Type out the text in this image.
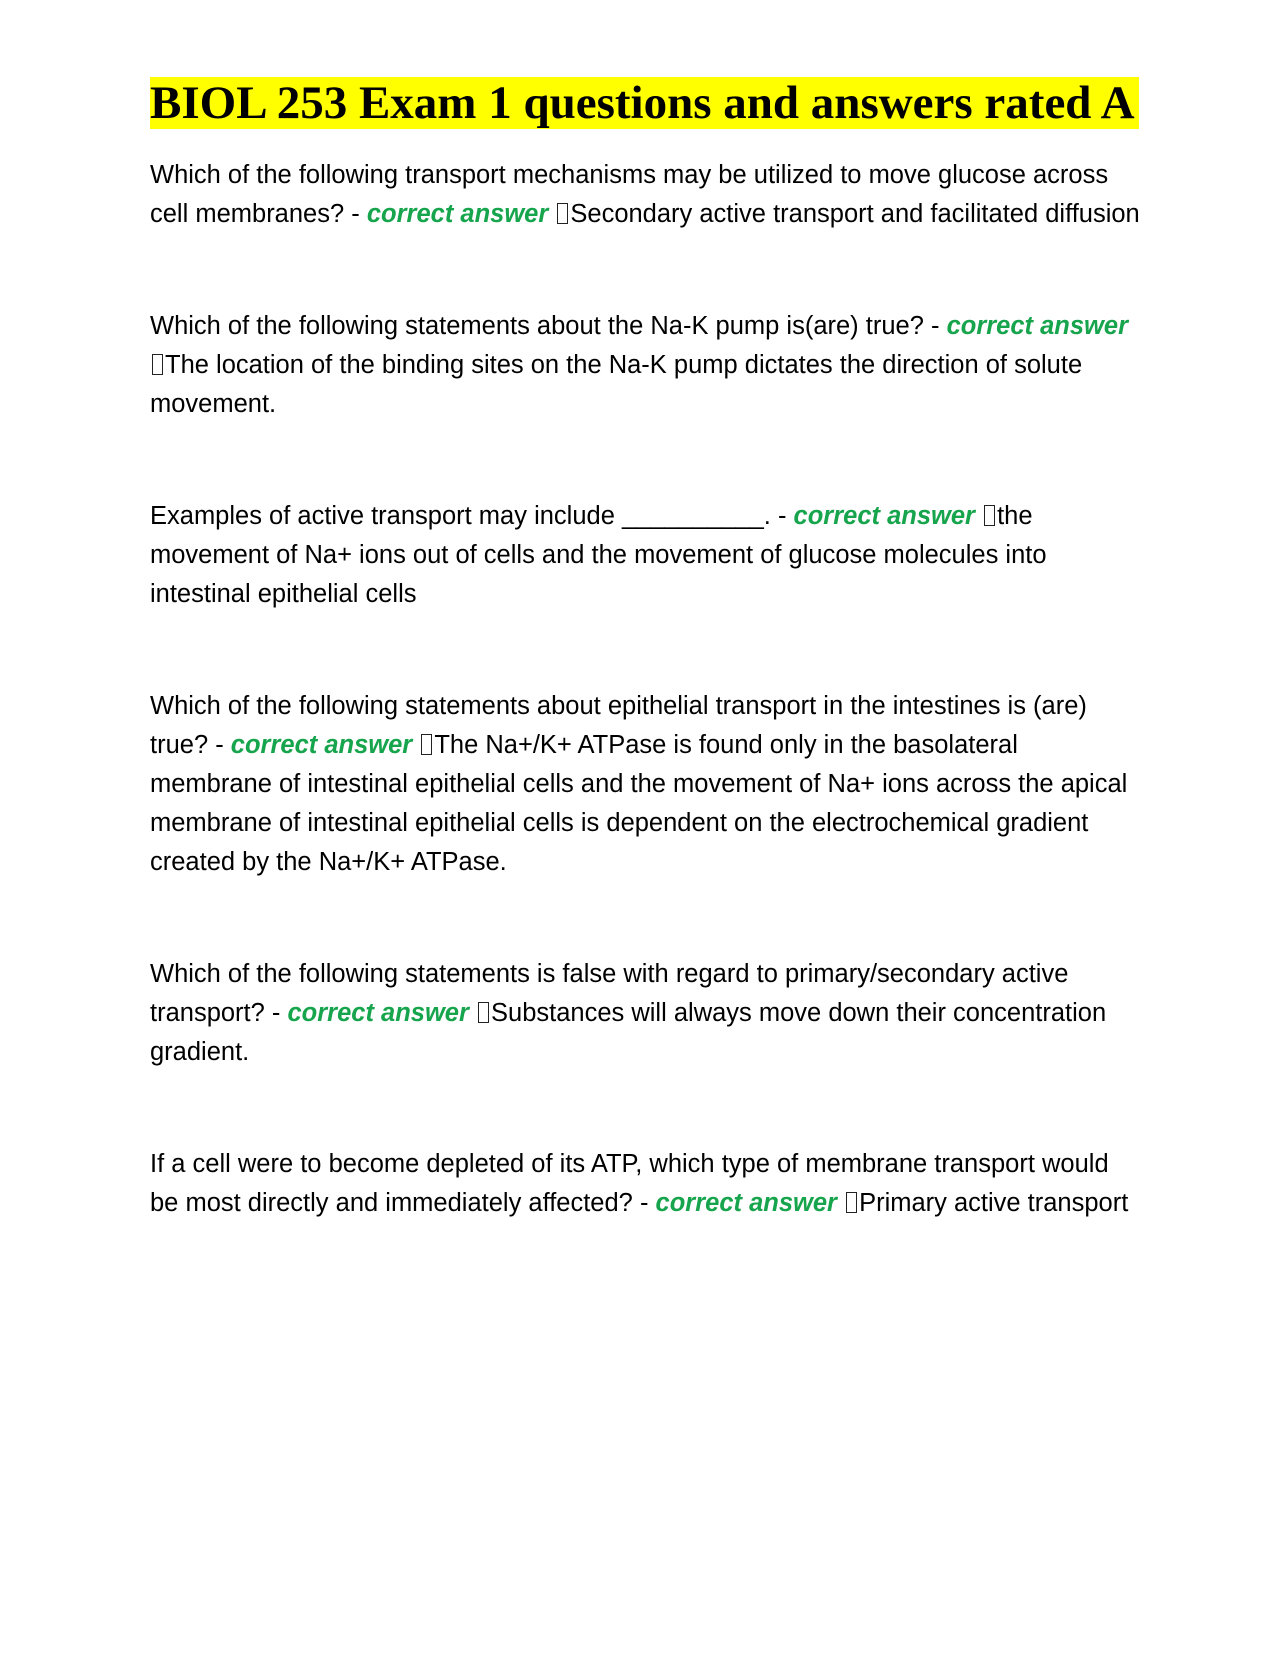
BIOL 253 Exam 1 questions and answers rated A
Which of the following transport mechanisms may be utilized to move glucose across cell membranes? - correct answer Secondary active transport and facilitated diffusion
Which of the following statements about the Na-K pump is(are) true? - correct answer The location of the binding sites on the Na-K pump dictates the direction of solute movement.
Examples of active transport may include __________. - correct answer the movement of Na+ ions out of cells and the movement of glucose molecules into intestinal epithelial cells
Which of the following statements about epithelial transport in the intestines is (are) true? - correct answer The Na+/K+ ATPase is found only in the basolateral membrane of intestinal epithelial cells and the movement of Na+ ions across the apical membrane of intestinal epithelial cells is dependent on the electrochemical gradient created by the Na+/K+ ATPase.
Which of the following statements is false with regard to primary/secondary active transport? - correct answer Substances will always move down their concentration gradient.
If a cell were to become depleted of its ATP, which type of membrane transport would be most directly and immediately affected? - correct answer Primary active transport
